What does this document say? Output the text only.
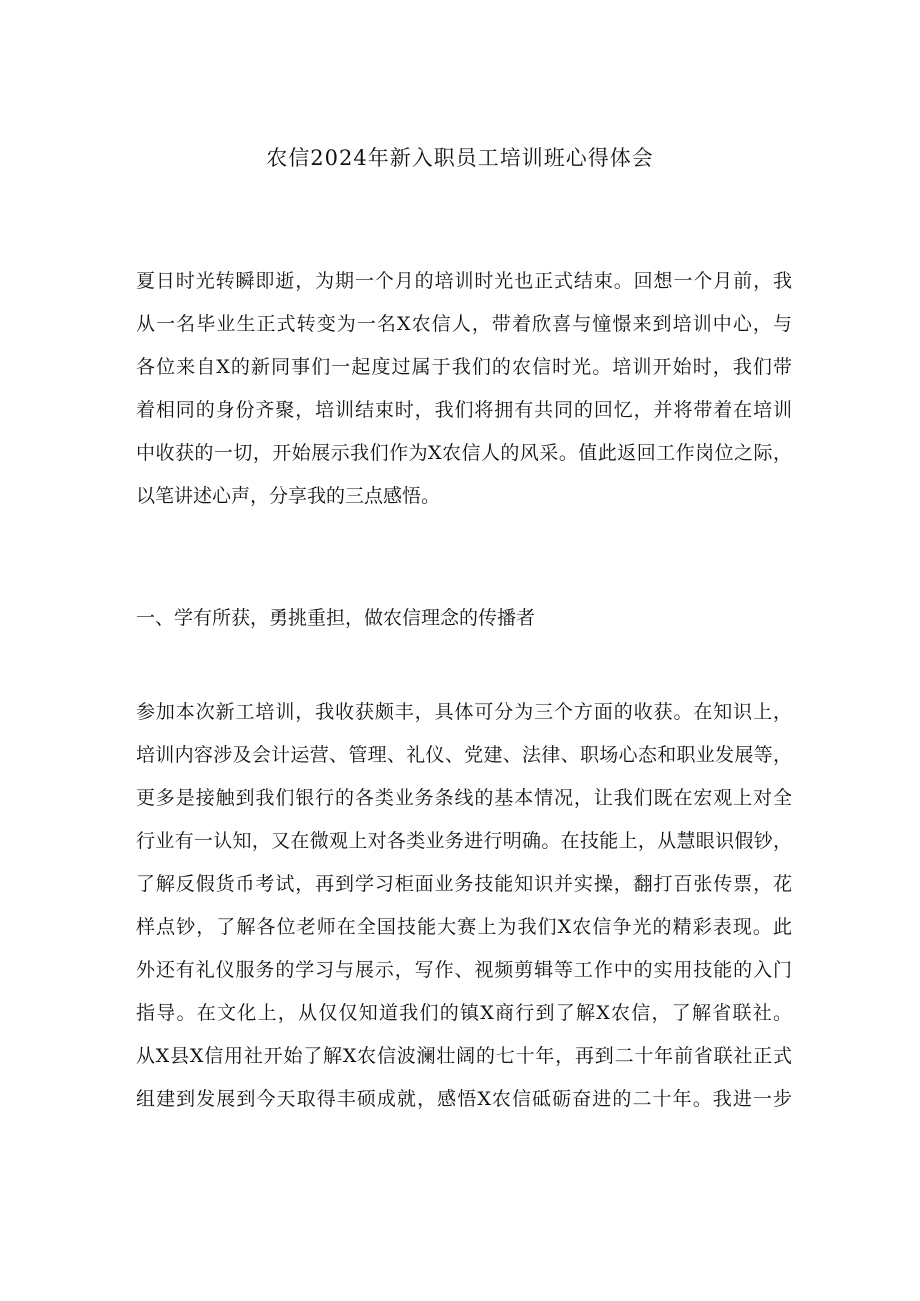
农信2024年新入职员工培训班心得体会
夏日时光转瞬即逝，为期一个月的培训时光也正式结束。回想一个月前，我
从一名毕业生正式转变为一名X农信人，带着欣喜与憧憬来到培训中心，与
各位来自X的新同事们一起度过属于我们的农信时光。培训开始时，我们带
着相同的身份齐聚，培训结束时，我们将拥有共同的回忆，并将带着在培训
中收获的一切，开始展示我们作为X农信人的风采。值此返回工作岗位之际，
以笔讲述心声，分享我的三点感悟。
一、学有所获，勇挑重担，做农信理念的传播者
参加本次新工培训，我收获颇丰，具体可分为三个方面的收获。在知识上，
培训内容涉及会计运营、管理、礼仪、党建、法律、职场心态和职业发展等，
更多是接触到我们银行的各类业务条线的基本情况，让我们既在宏观上对全
行业有一认知，又在微观上对各类业务进行明确。在技能上，从慧眼识假钞，
了解反假货币考试，再到学习柜面业务技能知识并实操，翻打百张传票，花
样点钞，了解各位老师在全国技能大赛上为我们X农信争光的精彩表现。此
外还有礼仪服务的学习与展示，写作、视频剪辑等工作中的实用技能的入门
指导。在文化上，从仅仅知道我们的镇X商行到了解X农信，了解省联社。
从X县X信用社开始了解X农信波澜壮阔的七十年，再到二十年前省联社正式
组建到发展到今天取得丰硕成就，感悟X农信砥砺奋进的二十年。我进一步
